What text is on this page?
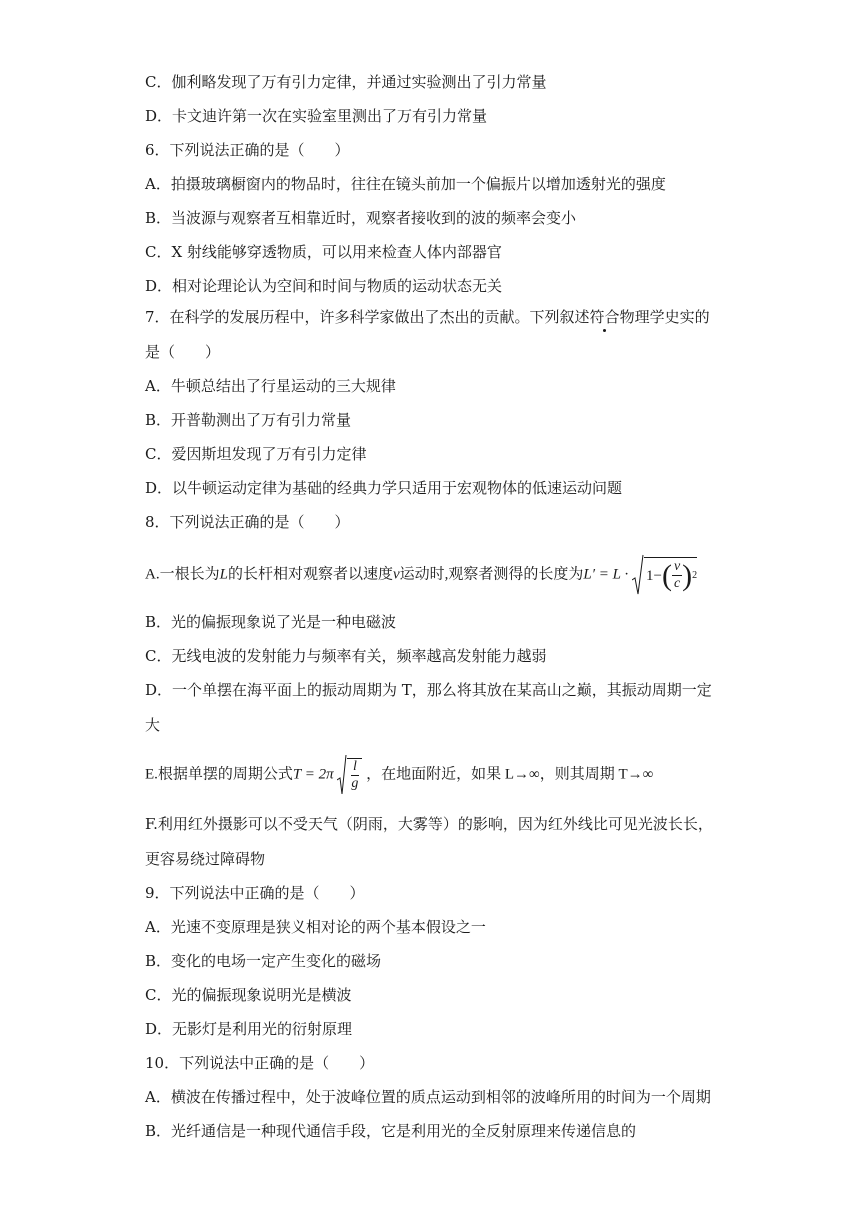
C．伽利略发现了万有引力定律，并通过实验测出了引力常量
D．卡文迪许第一次在实验室里测出了万有引力常量
6．下列说法正确的是（　　）
A．拍摄玻璃橱窗内的物品时，往往在镜头前加一个偏振片以增加透射光的强度
B．当波源与观察者互相靠近时，观察者接收到的波的频率会变小
C．X 射线能够穿透物质，可以用来检查人体内部器官
D．相对论理论认为空间和时间与物质的运动状态无关
7．在科学的发展历程中，许多科学家做出了杰出的贡献。下列叙述符合物理学史实的
是（　　）
A．牛顿总结出了行星运动的三大规律
B．开普勒测出了万有引力常量
C．爱因斯坦发现了万有引力定律
D．以牛顿运动定律为基础的经典力学只适用于宏观物体的低速运动问题
8．下列说法正确的是（　　）
A.一根长为L的长杆相对观察者以速度v运动时,观察者测得的长度为L′ = L · 1− ( $\frac{v}{c}$ ) 2
B．光的偏振现象说了光是一种电磁波
C．无线电波的发射能力与频率有关，频率越高发射能力越弱
D．一个单摆在海平面上的振动周期为 T，那么将其放在某高山之巅，其振动周期一定
大
E.根据单摆的周期公式$T = 2\pi \frac{l}{g}$ ，在地面附近，如果 L→∞，则其周期 T→∞
F.利用红外摄影可以不受天气（阴雨，大雾等）的影响，因为红外线比可见光波长长，
更容易绕过障碍物
9．下列说法中正确的是（　　）
A．光速不变原理是狭义相对论的两个基本假设之一
B．变化的电场一定产生变化的磁场
C．光的偏振现象说明光是横波
D．无影灯是利用光的衍射原理
10．下列说法中正确的是（　　）
A．横波在传播过程中，处于波峰位置的质点运动到相邻的波峰所用的时间为一个周期
B．光纤通信是一种现代通信手段，它是利用光的全反射原理来传递信息的
